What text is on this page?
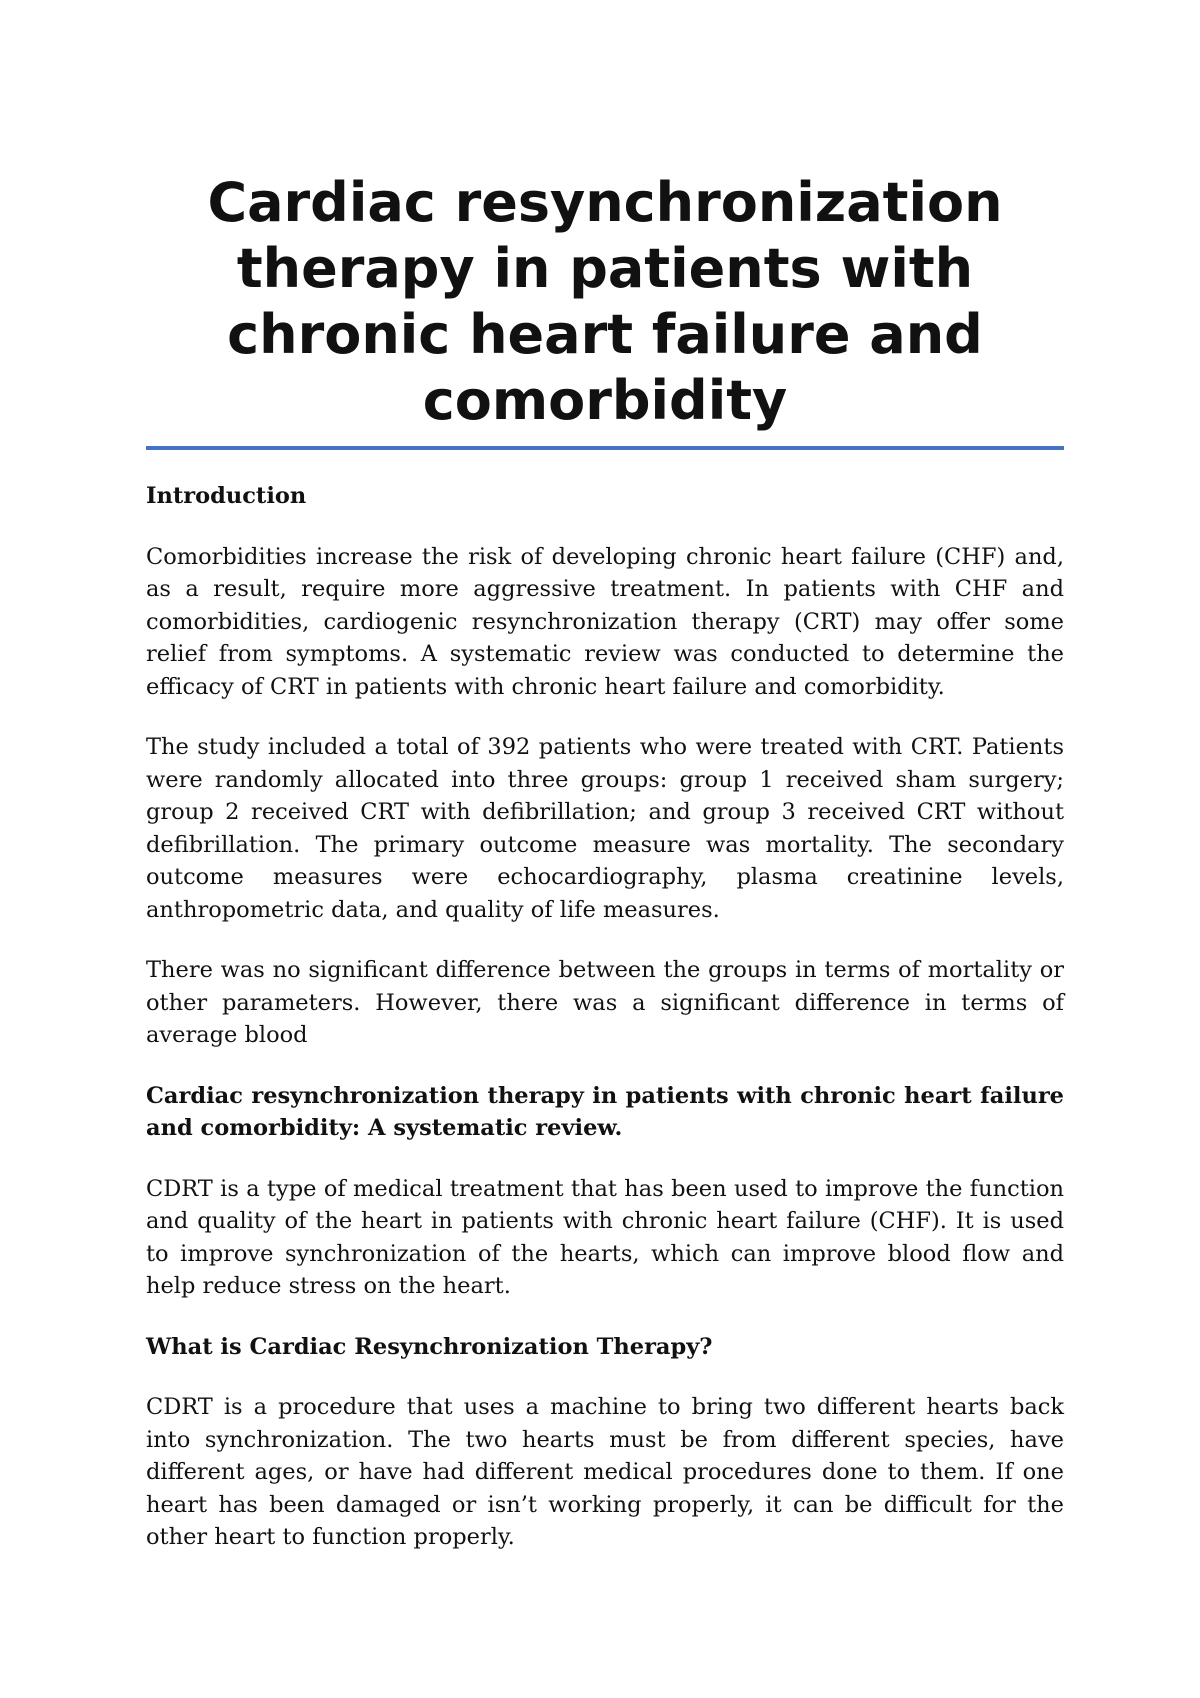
Cardiac resynchronization therapy in patients with chronic heart failure and comorbidity

Introduction

Comorbidities increase the risk of developing chronic heart failure (CHF) and, as a result, require more aggressive treatment. In patients with CHF and comorbidities, cardiogenic resynchronization therapy (CRT) may offer some relief from symptoms. A systematic review was conducted to determine the efficacy of CRT in patients with chronic heart failure and comorbidity.

The study included a total of 392 patients who were treated with CRT. Patients were randomly allocated into three groups: group 1 received sham surgery; group 2 received CRT with defibrillation; and group 3 received CRT without defibrillation. The primary outcome measure was mortality. The secondary outcome measures were echocardiography, plasma creatinine levels, anthropometric data, and quality of life measures.

There was no significant difference between the groups in terms of mortality or other parameters. However, there was a significant difference in terms of average blood

Cardiac resynchronization therapy in patients with chronic heart failure and comorbidity: A systematic review.

CDRT is a type of medical treatment that has been used to improve the function and quality of the heart in patients with chronic heart failure (CHF). It is used to improve synchronization of the hearts, which can improve blood flow and help reduce stress on the heart.

What is Cardiac Resynchronization Therapy?

CDRT is a procedure that uses a machine to bring two different hearts back into synchronization. The two hearts must be from different species, have different ages, or have had different medical procedures done to them. If one heart has been damaged or isn’t working properly, it can be difficult for the other heart to function properly.
